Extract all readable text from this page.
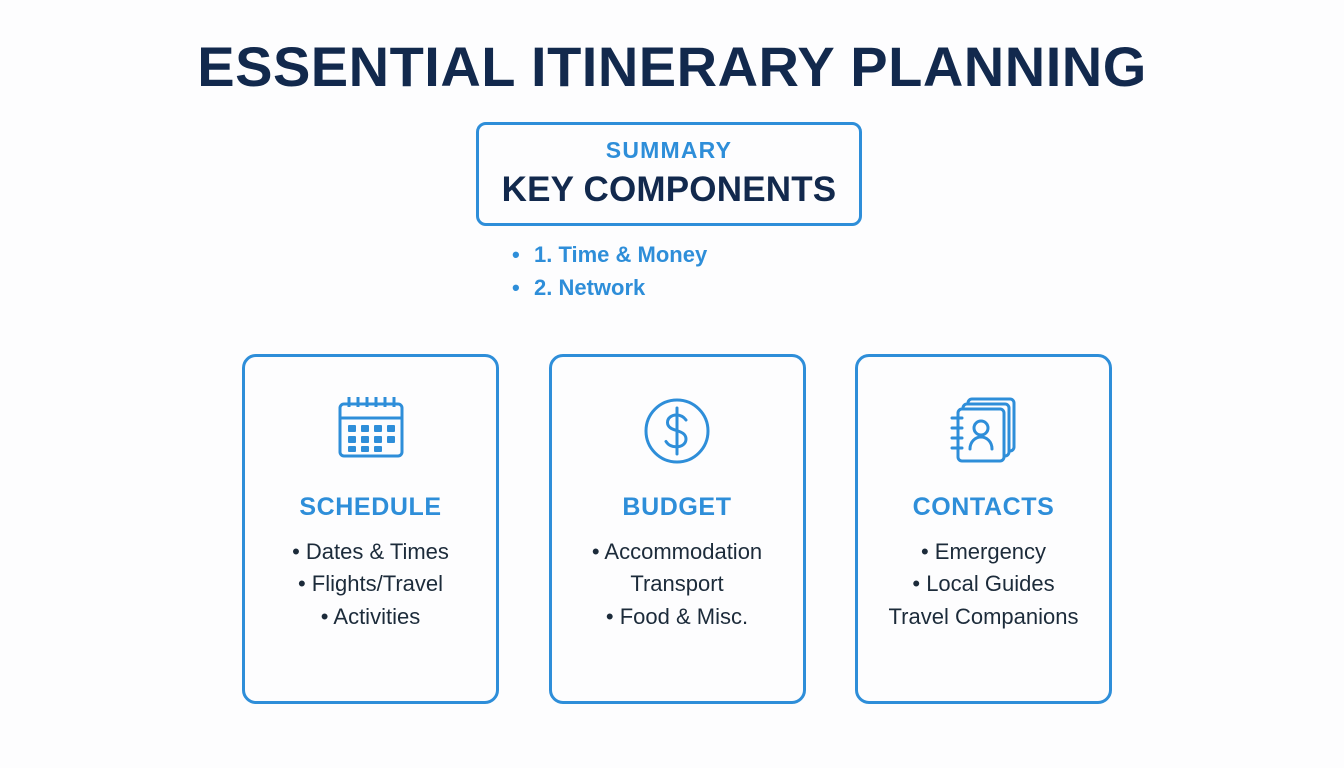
ESSENTIAL ITINERARY PLANNING
SUMMARY
KEY COMPONENTS
• 1. Time & Money
• 2. Network
SCHEDULE
• Dates & Times
• Flights/Travel
• Activities
BUDGET
• Accommodation
Transport
• Food & Misc.
CONTACTS
• Emergency
• Local Guides
Travel Companions
